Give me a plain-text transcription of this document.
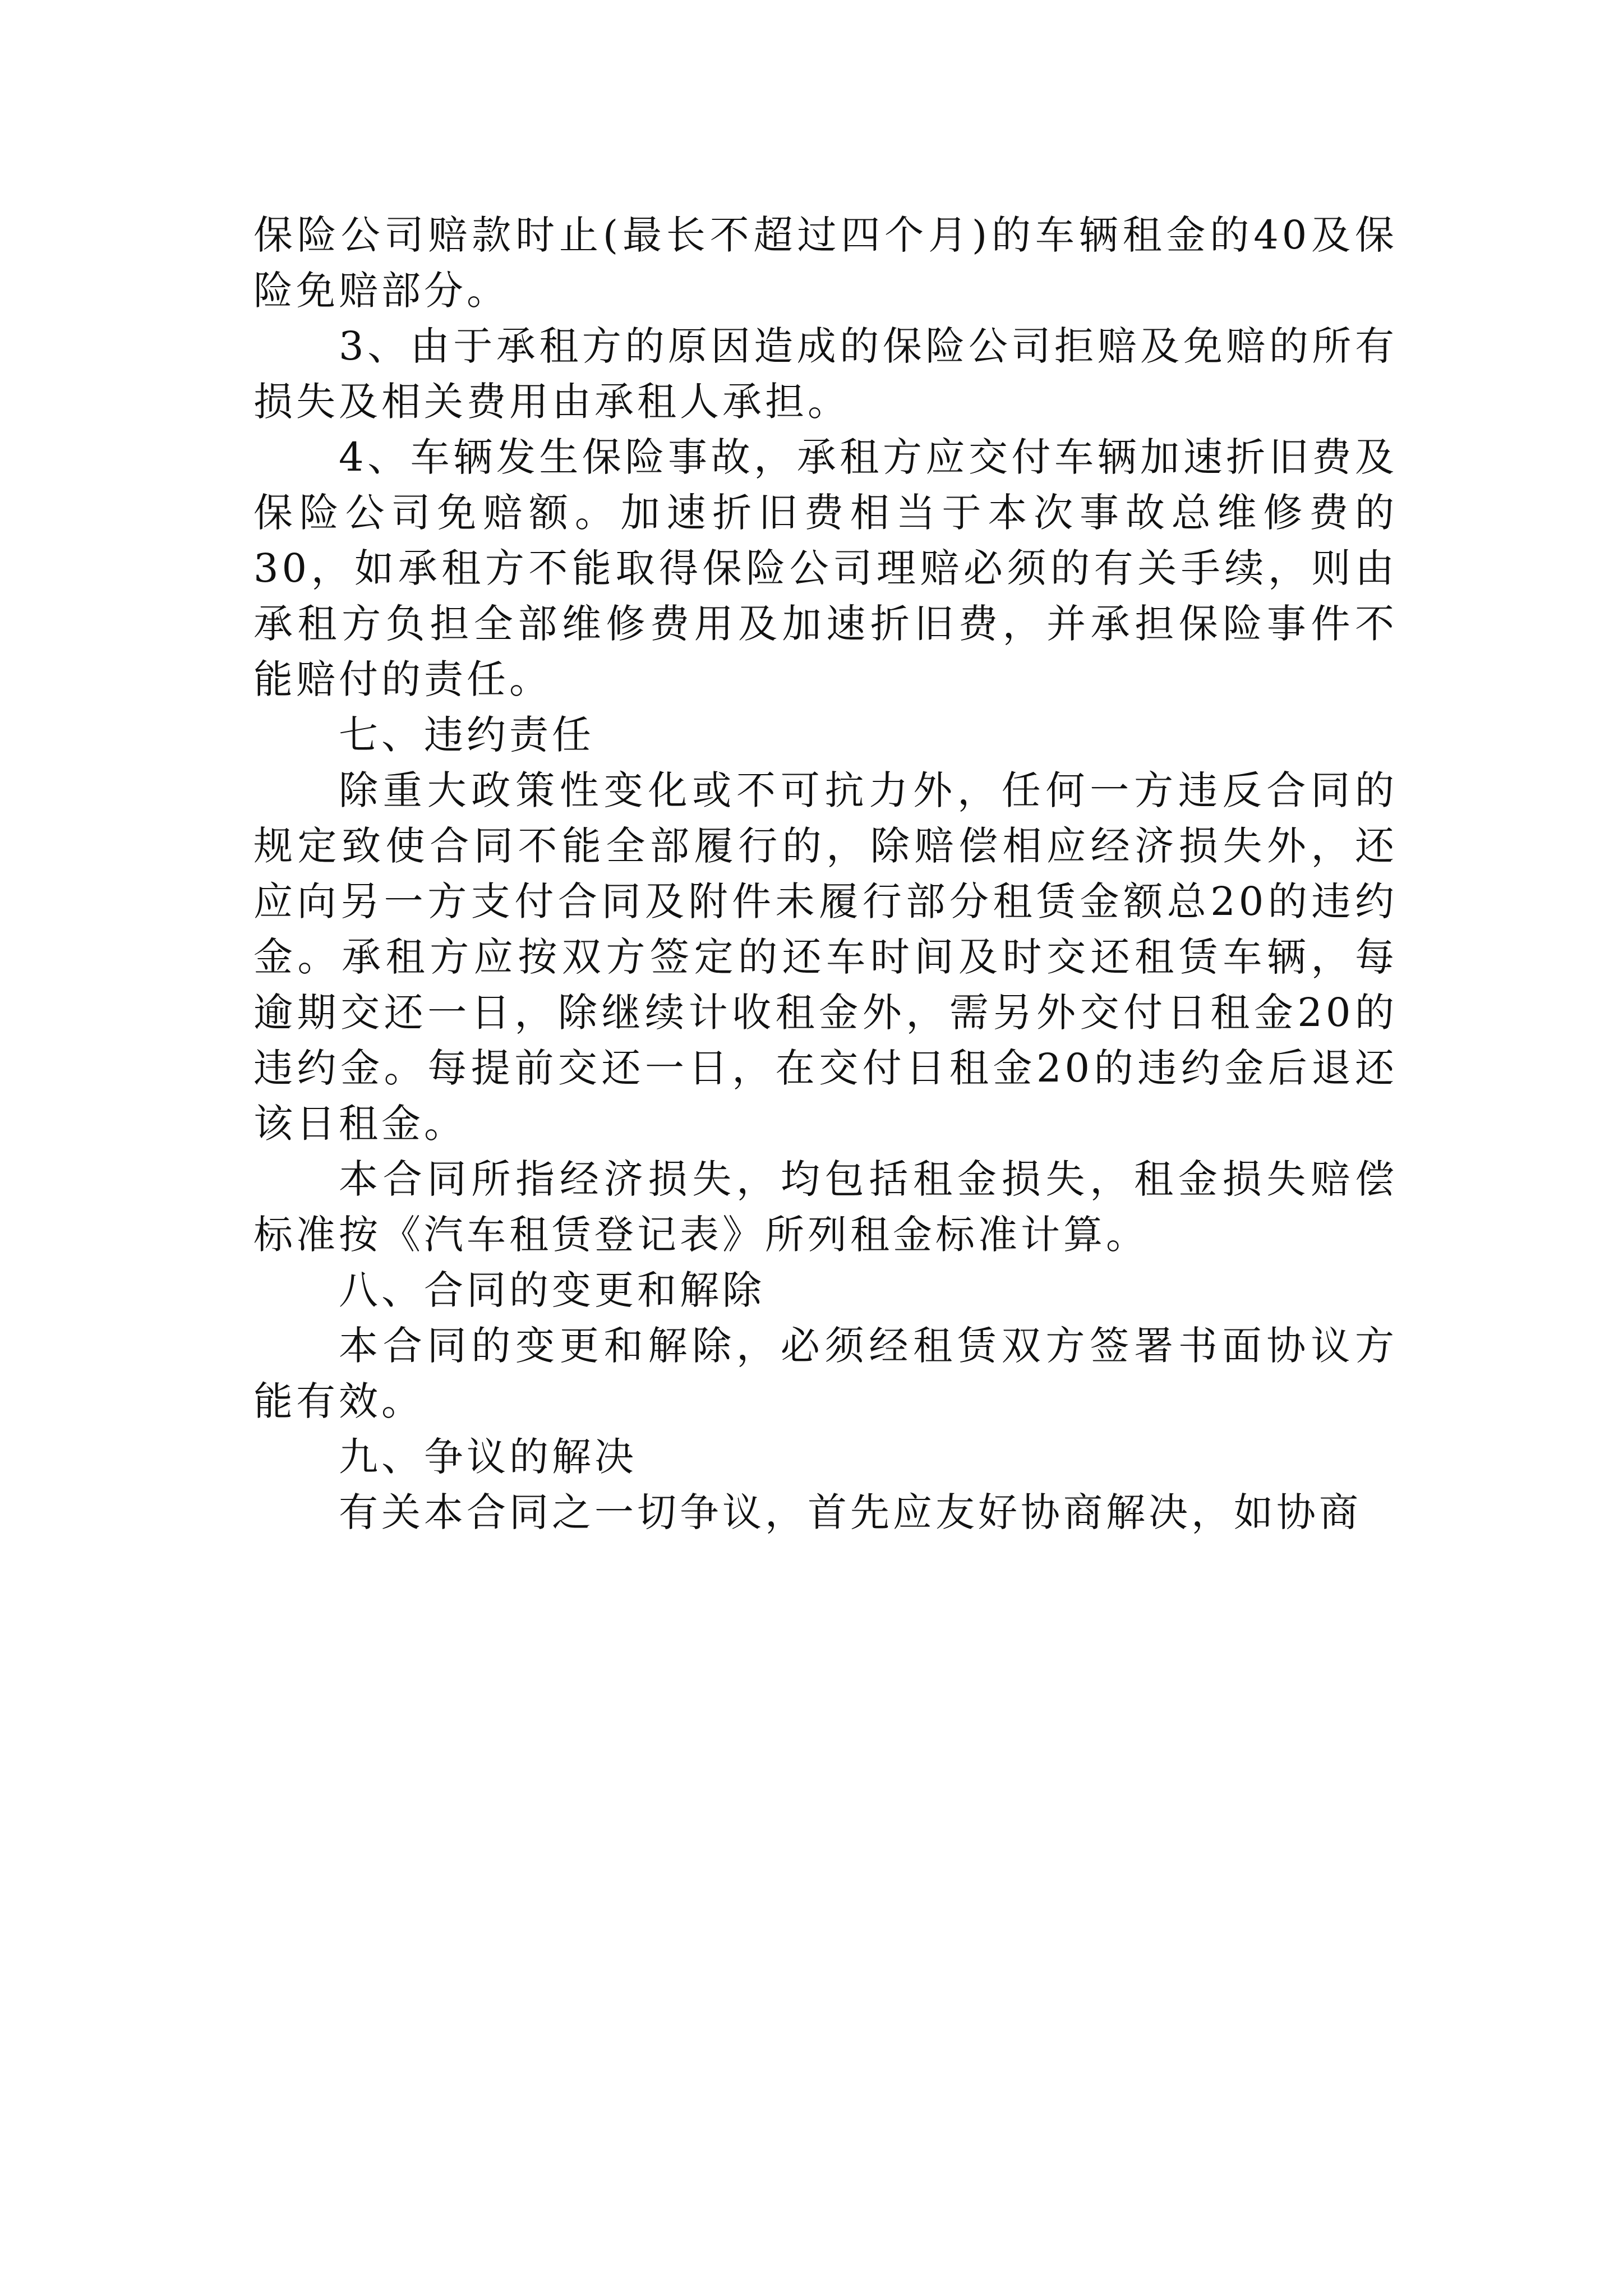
保险公司赔款时止(最长不超过四个月)的车辆租金的40及保险免赔部分。

3、由于承租方的原因造成的保险公司拒赔及免赔的所有损失及相关费用由承租人承担。

4、车辆发生保险事故，承租方应交付车辆加速折旧费及保险公司免赔额。加速折旧费相当于本次事故总维修费的30，如承租方不能取得保险公司理赔必须的有关手续，则由承租方负担全部维修费用及加速折旧费，并承担保险事件不能赔付的责任。

七、违约责任

除重大政策性变化或不可抗力外，任何一方违反合同的规定致使合同不能全部履行的，除赔偿相应经济损失外，还应向另一方支付合同及附件未履行部分租赁金额总20的违约金。承租方应按双方签定的还车时间及时交还租赁车辆，每逾期交还一日，除继续计收租金外，需另外交付日租金20的违约金。每提前交还一日，在交付日租金20的违约金后退还该日租金。

本合同所指经济损失，均包括租金损失，租金损失赔偿标准按《汽车租赁登记表》所列租金标准计算。

八、合同的变更和解除

本合同的变更和解除，必须经租赁双方签署书面协议方能有效。

九、争议的解决

有关本合同之一切争议，首先应友好协商解决，如协商
